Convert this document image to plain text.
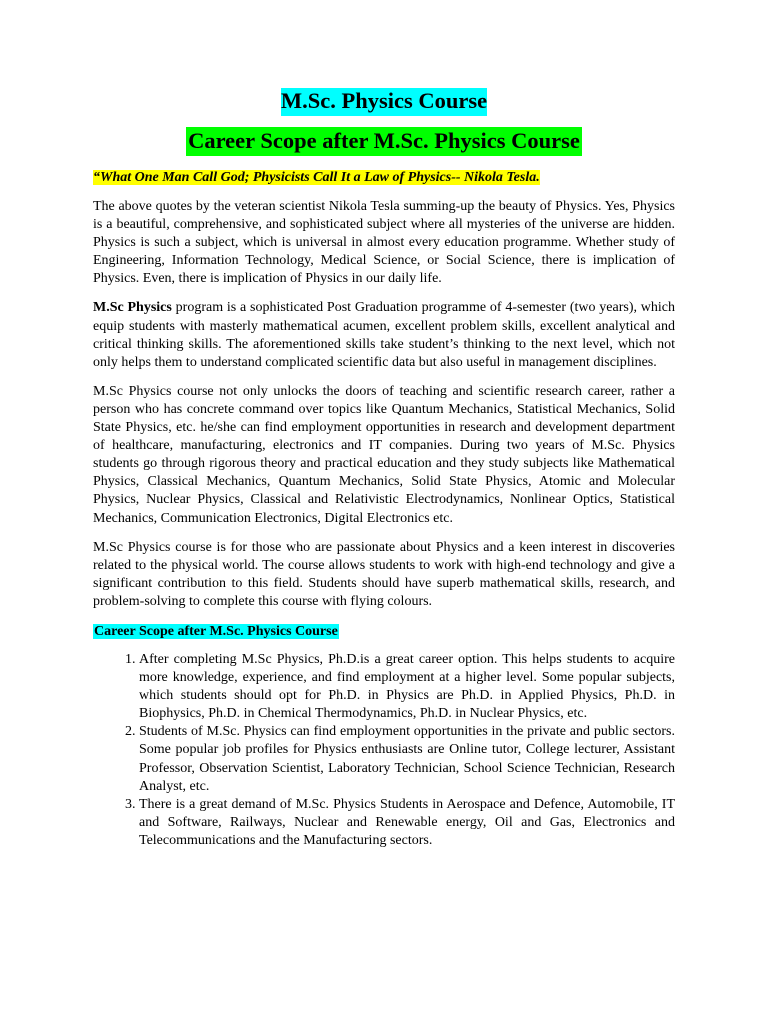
M.Sc. Physics Course
Career Scope after M.Sc. Physics Course
“What One Man Call God; Physicists Call It a Law of Physics-- Nikola Tesla.

The above quotes by the veteran scientist Nikola Tesla summing-up the beauty of Physics. Yes, Physics is a beautiful, comprehensive, and sophisticated subject where all mysteries of the universe are hidden. Physics is such a subject, which is universal in almost every education programme. Whether study of Engineering, Information Technology, Medical Science, or Social Science, there is implication of Physics. Even, there is implication of Physics in our daily life.

M.Sc Physics program is a sophisticated Post Graduation programme of 4-semester (two years), which equip students with masterly mathematical acumen, excellent problem skills, excellent analytical and critical thinking skills. The aforementioned skills take student’s thinking to the next level, which not only helps them to understand complicated scientific data but also useful in management disciplines.

M.Sc Physics course not only unlocks the doors of teaching and scientific research career, rather a person who has concrete command over topics like Quantum Mechanics, Statistical Mechanics, Solid State Physics, etc. he/she can find employment opportunities in research and development department of healthcare, manufacturing, electronics and IT companies. During two years of M.Sc. Physics students go through rigorous theory and practical education and they study subjects like Mathematical Physics, Classical Mechanics, Quantum Mechanics, Solid State Physics, Atomic and Molecular Physics, Nuclear Physics, Classical and Relativistic Electrodynamics, Nonlinear Optics, Statistical Mechanics, Communication Electronics, Digital Electronics etc.

M.Sc Physics course is for those who are passionate about Physics and a keen interest in discoveries related to the physical world. The course allows students to work with high-end technology and give a significant contribution to this field. Students should have superb mathematical skills, research, and problem-solving to complete this course with flying colours.

Career Scope after M.Sc. Physics Course
1. After completing M.Sc Physics, Ph.D.is a great career option. This helps students to acquire more knowledge, experience, and find employment at a higher level. Some popular subjects, which students should opt for Ph.D. in Physics are Ph.D. in Applied Physics, Ph.D. in Biophysics, Ph.D. in Chemical Thermodynamics, Ph.D. in Nuclear Physics, etc.
2. Students of M.Sc. Physics can find employment opportunities in the private and public sectors. Some popular job profiles for Physics enthusiasts are Online tutor, College lecturer, Assistant Professor, Observation Scientist, Laboratory Technician, School Science Technician, Research Analyst, etc.
3. There is a great demand of M.Sc. Physics Students in Aerospace and Defence, Automobile, IT and Software, Railways, Nuclear and Renewable energy, Oil and Gas, Electronics and Telecommunications and the Manufacturing sectors.
